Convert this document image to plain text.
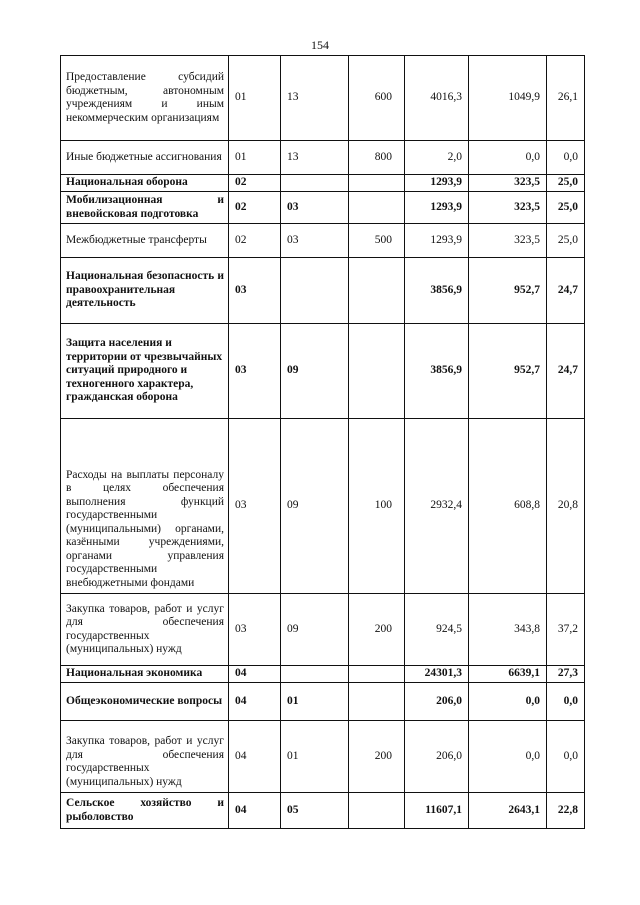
154
Предоставление субсидий бюджетным, автономным учреждениям и иным некоммерческим организациям	01	13	600	4016,3	1049,9	26,1
Иные бюджетные ассигнования	01	13	800	2,0	0,0	0,0
Национальная оборона	02			1293,9	323,5	25,0
Мобилизационная и вневойсковая подготовка	02	03		1293,9	323,5	25,0
Межбюджетные трансферты	02	03	500	1293,9	323,5	25,0
Национальная безопасность и правоохранительная деятельность	03			3856,9	952,7	24,7
Защита населения и территории от чрезвычайных ситуаций природного и техногенного характера, гражданская оборона	03	09		3856,9	952,7	24,7
Расходы на выплаты персоналу в целях обеспечения выполнения функций государственными (муниципальными) органами, казёнными учреждениями, органами управления государственными внебюджетными фондами	03	09	100	2932,4	608,8	20,8
Закупка товаров, работ и услуг для обеспечения государственных (муниципальных) нужд	03	09	200	924,5	343,8	37,2
Национальная экономика	04			24301,3	6639,1	27,3
Общеэкономические вопросы	04	01		206,0	0,0	0,0
Закупка товаров, работ и услуг для обеспечения государственных (муниципальных) нужд	04	01	200	206,0	0,0	0,0
Сельское хозяйство и рыболовство	04	05		11607,1	2643,1	22,8
